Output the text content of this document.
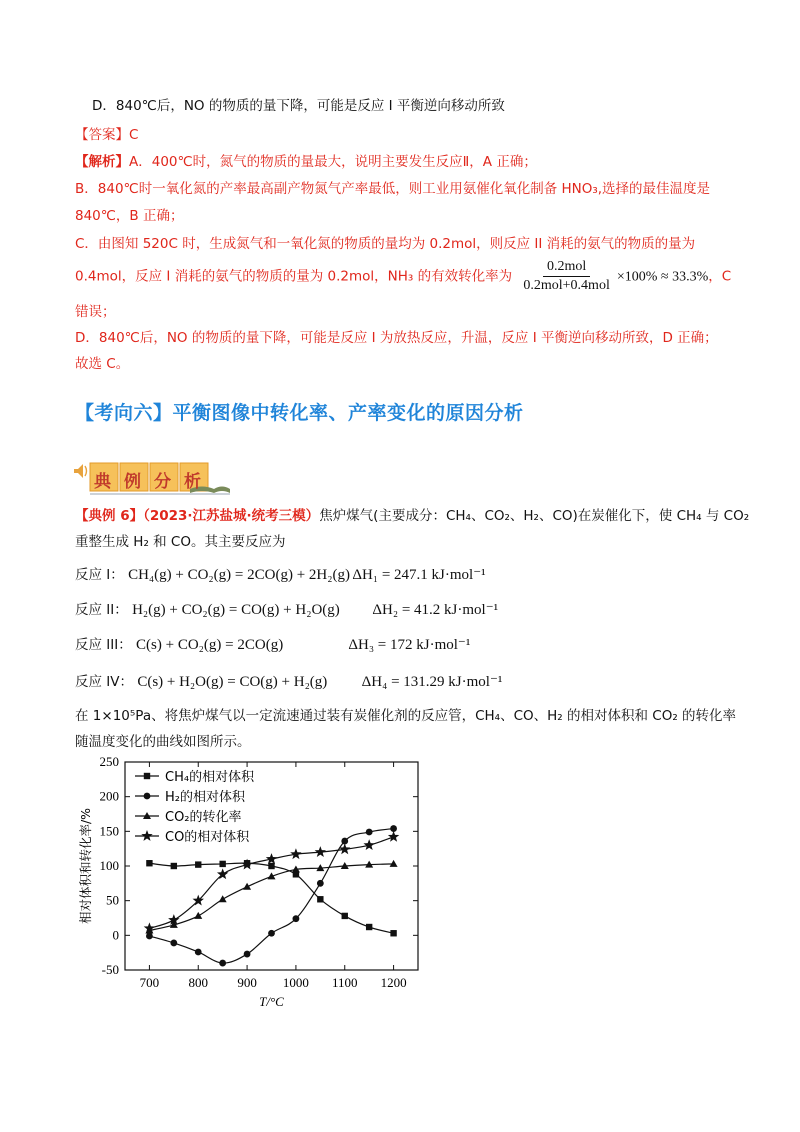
D．840℃后，NO 的物质的量下降，可能是反应 I 平衡逆向移动所致
【答案】C
【解析】A．400℃时，氮气的物质的量最大，说明主要发生反应Ⅱ，A 正确；
B．840℃时一氧化氮的产率最高副产物氮气产率最低，则工业用氨催化氧化制备 HNO₃,选择的最佳温度是
840℃，B 正确；
C．由图知 520C 时，生成氮气和一氧化氮的物质的量均为 0.2mol，则反应 II 消耗的氨气的物质的量为
0.4mol，反应 I 消耗的氨气的物质的量为 0.2mol，NH₃ 的有效转化率为 $\frac{\text{0.2mol}}{\text{0.2mol+0.4mol}} \times 100\% \approx 33.3\%$，C
错误；
D．840℃后，NO 的物质的量下降，可能是反应 I 为放热反应，升温，反应 I 平衡逆向移动所致，D 正确；
故选 C。
【考向六】平衡图像中转化率、产率变化的原因分析
典 例 分 析
【典例 6】（2023·江苏盐城·统考三模）焦炉煤气(主要成分：CH₄、CO₂、H₂、CO)在炭催化下，使 CH₄ 与 CO₂
重整生成 H₂ 和 CO。其主要反应为
反应 I： CH₄(g) + CO₂(g) = 2CO(g) + 2H₂(g) ΔH₁ = 247.1 kJ·mol⁻¹
反应 II： H₂(g) + CO₂(g) = CO(g) + H₂O(g) ΔH₂ = 41.2 kJ·mol⁻¹
反应 III： C(s) + CO₂(g) = 2CO(g)	ΔH₃ = 172 kJ·mol⁻¹
反应 IV： C(s) + H₂O(g) = CO(g) + H₂(g) ΔH₄ = 131.29 kJ·mol⁻¹
在 1×10⁵Pa、将焦炉煤气以一定流速通过装有炭催化剂的反应管，CH₄、CO、H₂ 的相对体积和 CO₂ 的转化率
随温度变化的曲线如图所示。
700 800 900 1000 1100 1200
-50
0
50
100
150
200
250
T/°C
相对体积和转化率/%
CH₄的相对体积
H₂的相对体积
CO₂的转化率
CO的相对体积
